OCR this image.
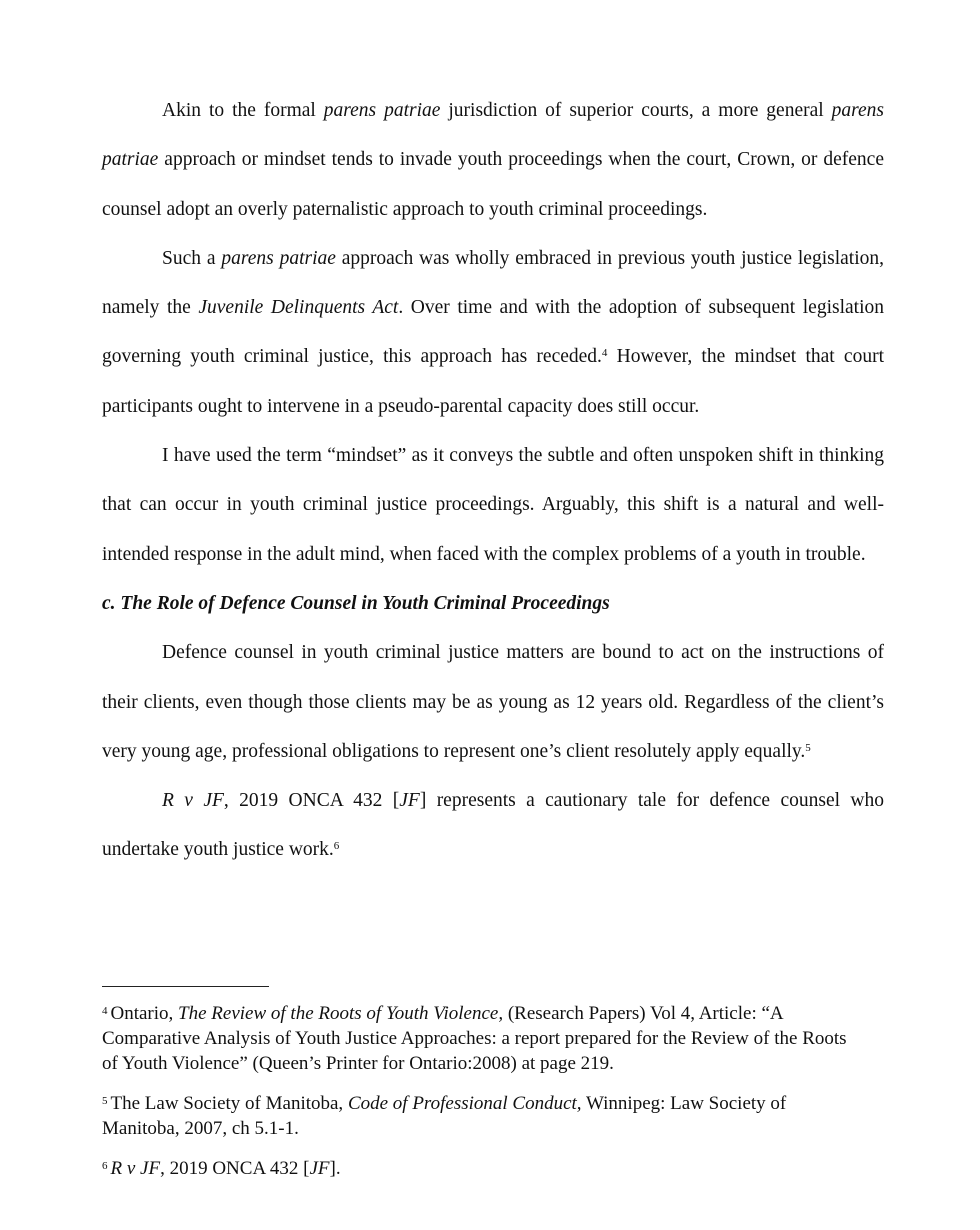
Akin to the formal parens patriae jurisdiction of superior courts, a more general parens patriae approach or mindset tends to invade youth proceedings when the court, Crown, or defence counsel adopt an overly paternalistic approach to youth criminal proceedings.

Such a parens patriae approach was wholly embraced in previous youth justice legislation, namely the Juvenile Delinquents Act. Over time and with the adoption of subsequent legislation governing youth criminal justice, this approach has receded.$^4$ However, the mindset that court participants ought to intervene in a pseudo-parental capacity does still occur.

I have used the term “mindset” as it conveys the subtle and often unspoken shift in thinking that can occur in youth criminal justice proceedings. Arguably, this shift is a natural and well-intended response in the adult mind, when faced with the complex problems of a youth in trouble.

c. The Role of Defence Counsel in Youth Criminal Proceedings

Defence counsel in youth criminal justice matters are bound to act on the instructions of their clients, even though those clients may be as young as 12 years old. Regardless of the client’s very young age, professional obligations to represent one’s client resolutely apply equally.$^5$

R v JF, 2019 ONCA 432 [JF] represents a cautionary tale for defence counsel who undertake youth justice work.$^6$

$^4$ Ontario, The Review of the Roots of Youth Violence, (Research Papers) Vol 4, Article: “A Comparative Analysis of Youth Justice Approaches: a report prepared for the Review of the Roots of Youth Violence” (Queen’s Printer for Ontario:2008) at page 219.

$^5$ The Law Society of Manitoba, Code of Professional Conduct, Winnipeg: Law Society of Manitoba, 2007, ch 5.1-1.

$^6$ R v JF, 2019 ONCA 432 [JF].
